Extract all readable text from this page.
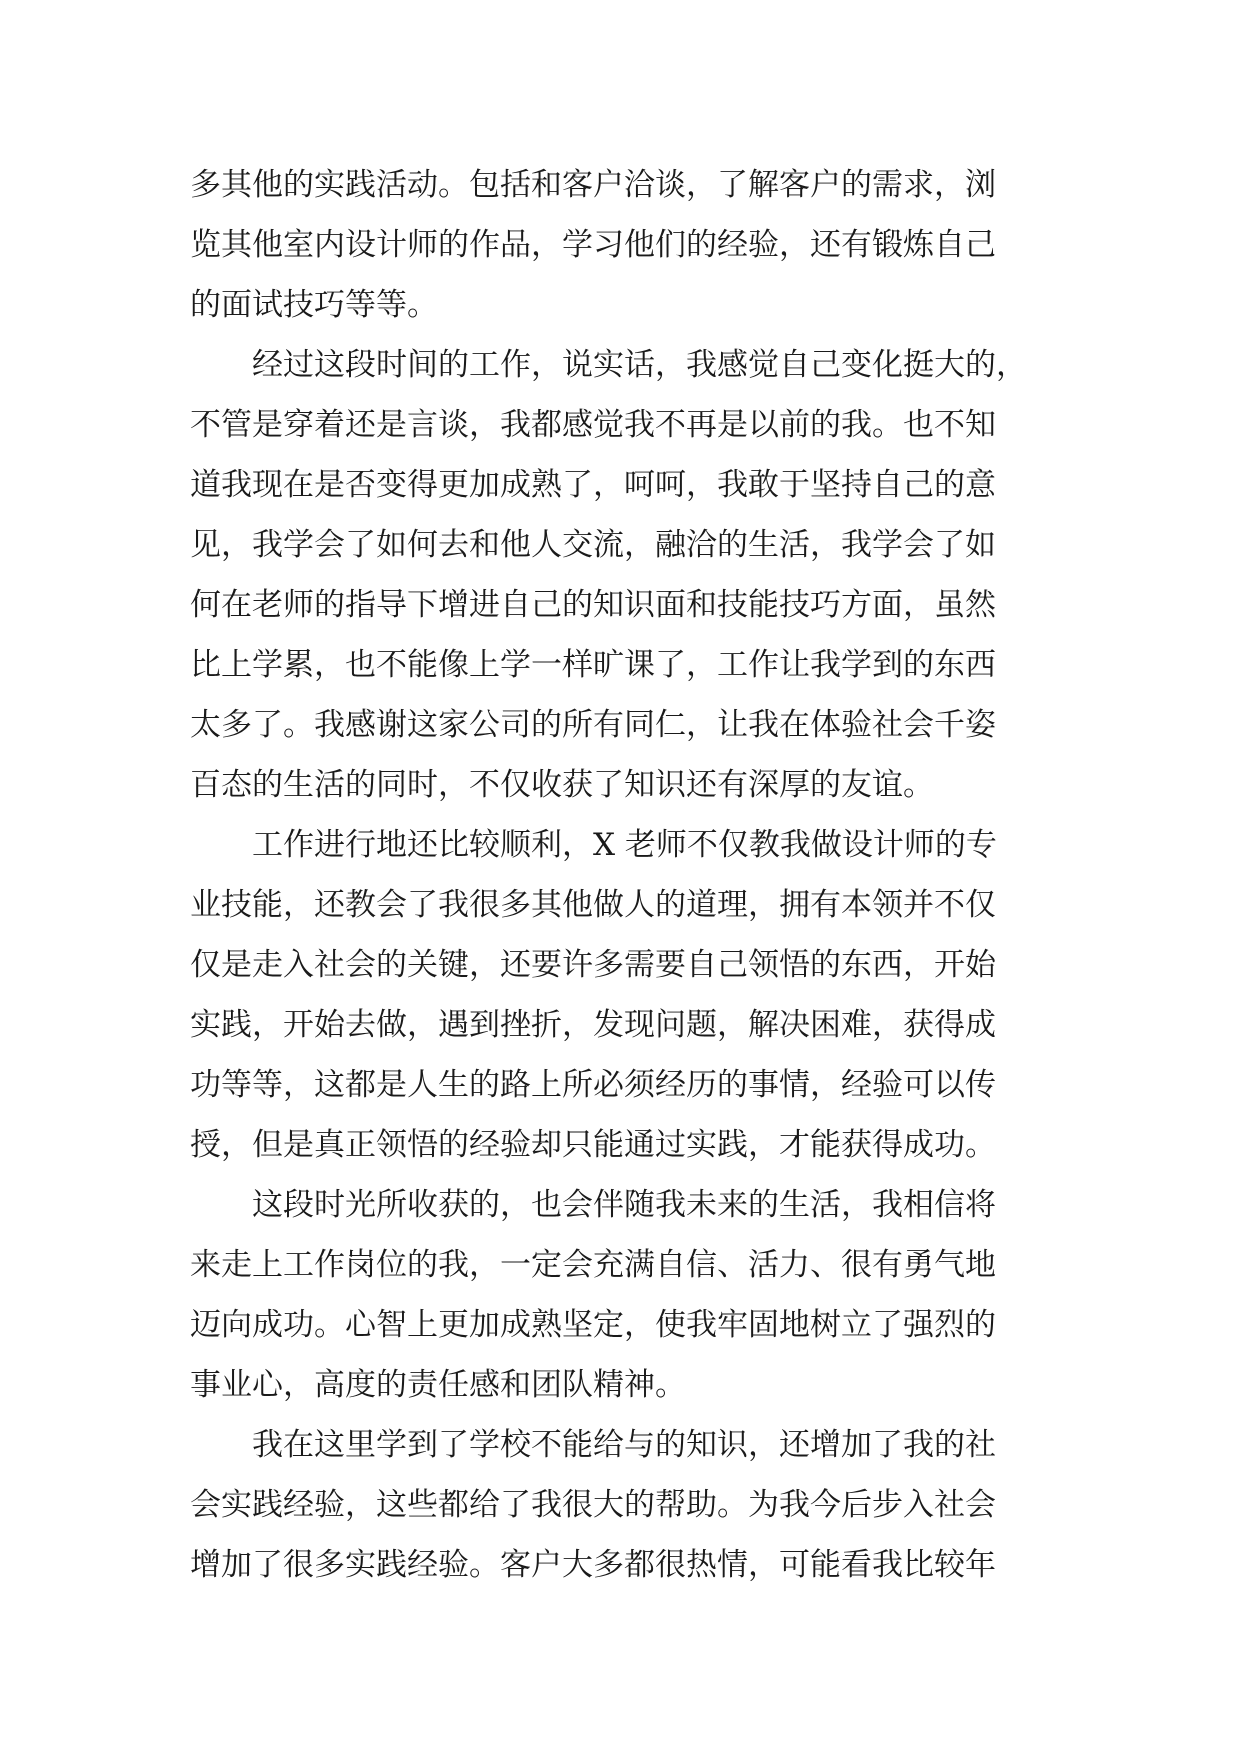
多其他的实践活动。包括和客户洽谈，了解客户的需求，浏
览其他室内设计师的作品，学习他们的经验，还有锻炼自己
的面试技巧等等。

经过这段时间的工作，说实话，我感觉自己变化挺大的，
不管是穿着还是言谈，我都感觉我不再是以前的我。也不知
道我现在是否变得更加成熟了，呵呵，我敢于坚持自己的意
见，我学会了如何去和他人交流，融洽的生活，我学会了如
何在老师的指导下增进自己的知识面和技能技巧方面，虽然
比上学累，也不能像上学一样旷课了，工作让我学到的东西
太多了。我感谢这家公司的所有同仁，让我在体验社会千姿
百态的生活的同时，不仅收获了知识还有深厚的友谊。

工作进行地还比较顺利，X 老师不仅教我做设计师的专
业技能，还教会了我很多其他做人的道理，拥有本领并不仅
仅是走入社会的关键，还要许多需要自己领悟的东西，开始
实践，开始去做，遇到挫折，发现问题，解决困难，获得成
功等等，这都是人生的路上所必须经历的事情，经验可以传
授，但是真正领悟的经验却只能通过实践，才能获得成功。

这段时光所收获的，也会伴随我未来的生活，我相信将
来走上工作岗位的我，一定会充满自信、活力、很有勇气地
迈向成功。心智上更加成熟坚定，使我牢固地树立了强烈的
事业心，高度的责任感和团队精神。

我在这里学到了学校不能给与的知识，还增加了我的社
会实践经验，这些都给了我很大的帮助。为我今后步入社会
增加了很多实践经验。客户大多都很热情，可能看我比较年
